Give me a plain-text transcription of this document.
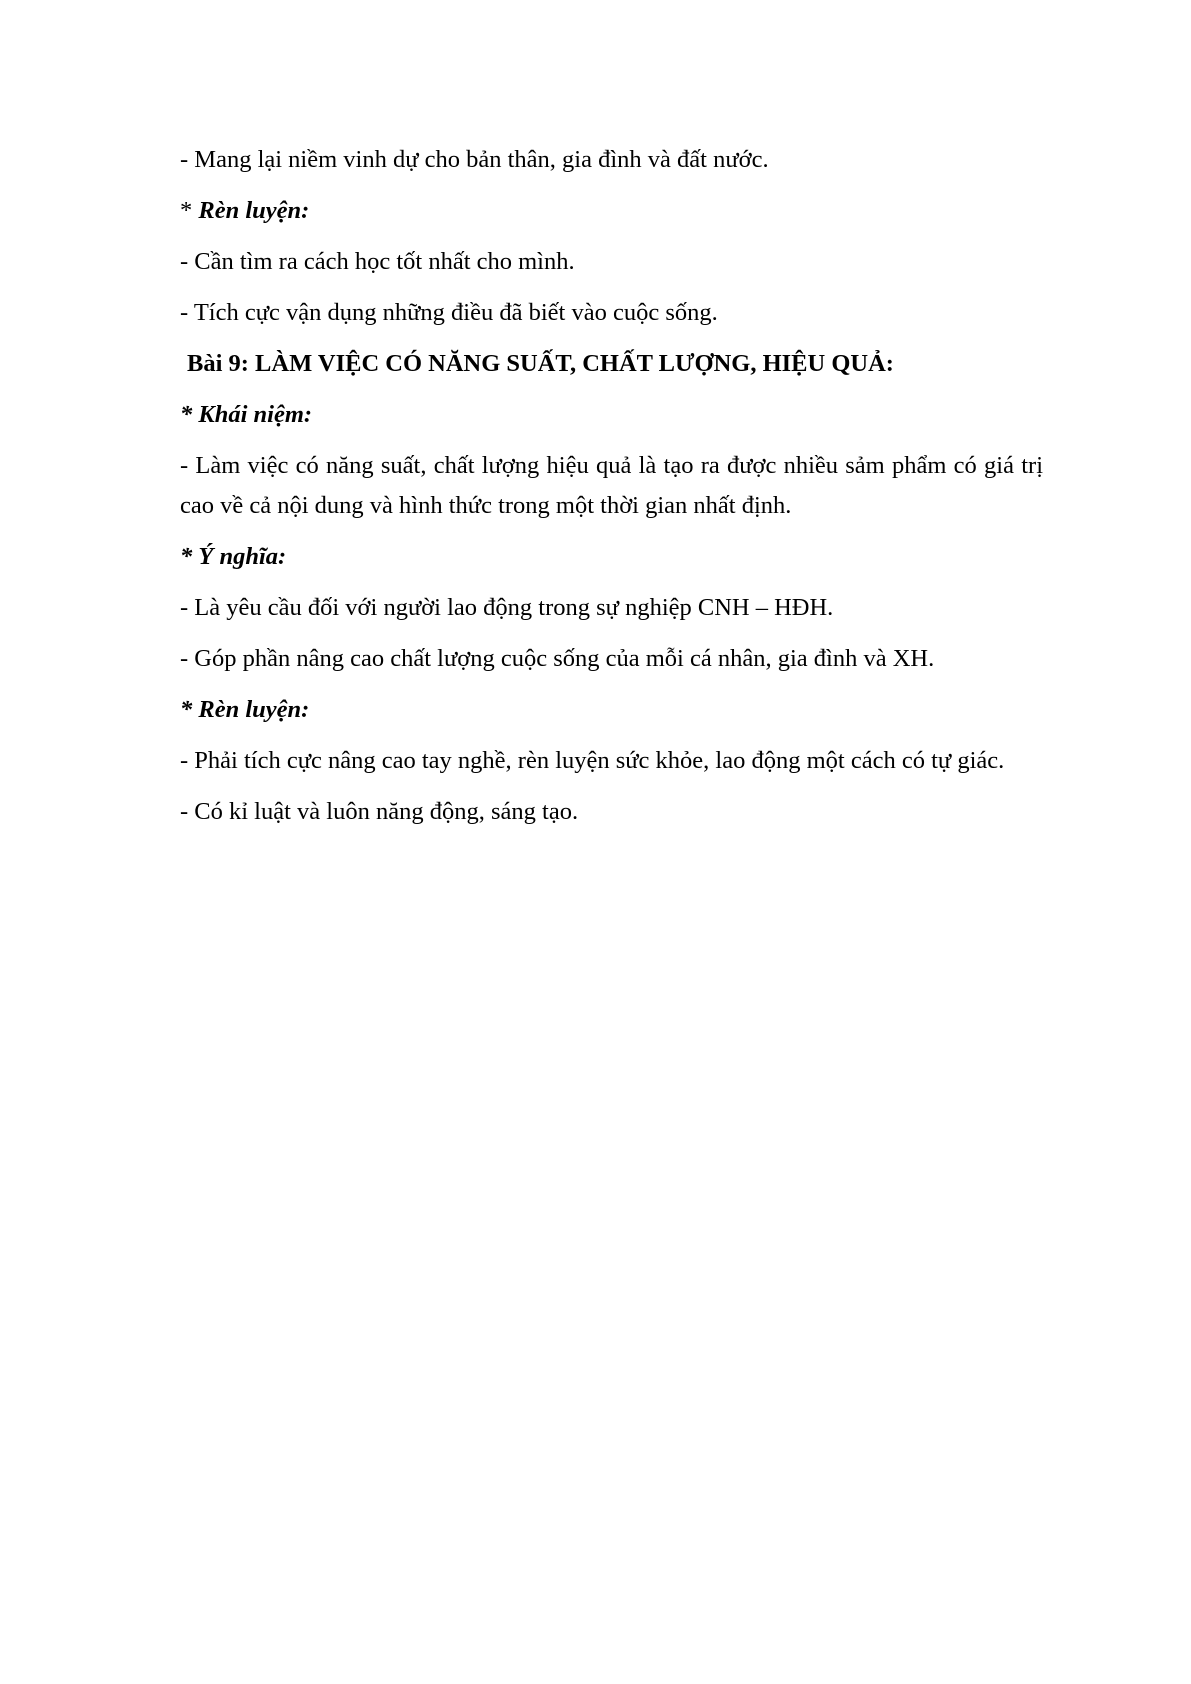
- Mang lại niềm vinh dự cho bản thân, gia đình và đất nước.

* Rèn luyện:

- Cần tìm ra cách học tốt nhất cho mình.

- Tích cực vận dụng những điều đã biết vào cuộc sống.

Bài 9: LÀM VIỆC CÓ NĂNG SUẤT, CHẤT LƯỢNG, HIỆU QUẢ:

* Khái niệm:

- Làm việc có năng suất, chất lượng hiệu quả là tạo ra được nhiều sảm phẩm có giá trị cao về cả nội dung và hình thức trong một thời gian nhất định.

* Ý nghĩa:

- Là yêu cầu đối với người lao động trong sự nghiệp CNH – HĐH.

- Góp phần nâng cao chất lượng cuộc sống của mỗi cá nhân, gia đình và XH.

* Rèn luyện:

- Phải tích cực nâng cao tay nghề, rèn luyện sức khỏe, lao động một cách có tự giác.

- Có kỉ luật và luôn năng động, sáng tạo.
